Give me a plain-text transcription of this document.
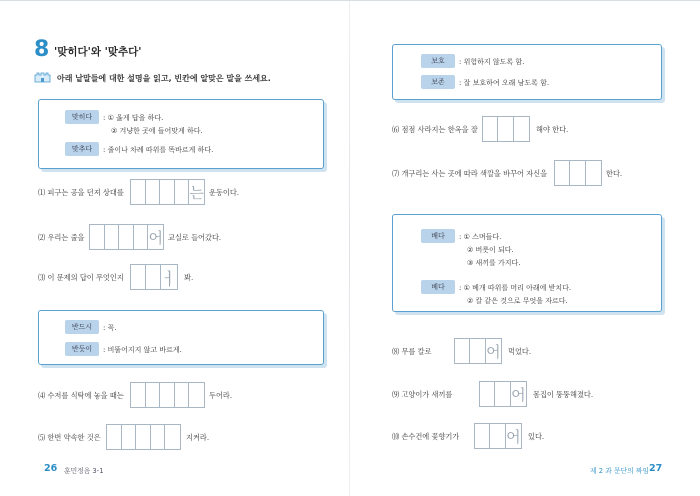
8 '맞히다'와 '맞추다'
아래 낱말들에 대한 설명을 읽고, 빈칸에 알맞은 말을 쓰세요.
맞히다	: ① 옳게 답을 하다.
② 겨냥한 곳에 들어맞게 하다.
맞추다	: 줄이나 차례 따위를 똑바르게 하다.
⑴ 피구는 공을 던져 상대를	는 운동이다.
⑵ 우리는 줄을	어 교실로 들어갔다.
⑶ 이 문제의 답이 무엇인지 ㅓ 봐.
반드시	: 꼭.
반듯이	: 비뚤어지지 않고 바르게.
⑷ 수저를 식탁에 놓을 때는	두어라.
⑸ 한번 약속한 것은	지켜라.
26 훈민정음 3-1
보호	: 위험하지 않도록 함.
보존	: 잘 보호하여 오래 남도록 함.
⑹ 점점 사라지는 한옥을 잘	해야 한다.
⑺ 개구리는 사는 곳에 따라 색깔을 바꾸어 자신을	한다.
배다	: ① 스며들다.
② 버릇이 되다.
③ 새끼를 가지다.
베다	: ① 베개 따위를 머리 아래에 받치다.
② 칼 같은 것으로 무엇을 자르다.
⑻ 무를 칼로	어 먹었다.
⑼ 고양이가 새끼를	어 몸집이 뚱뚱해졌다.
⑽ 손수건에 꽃향기가	어 있다.
제 2 과 문단의 짜임 27
